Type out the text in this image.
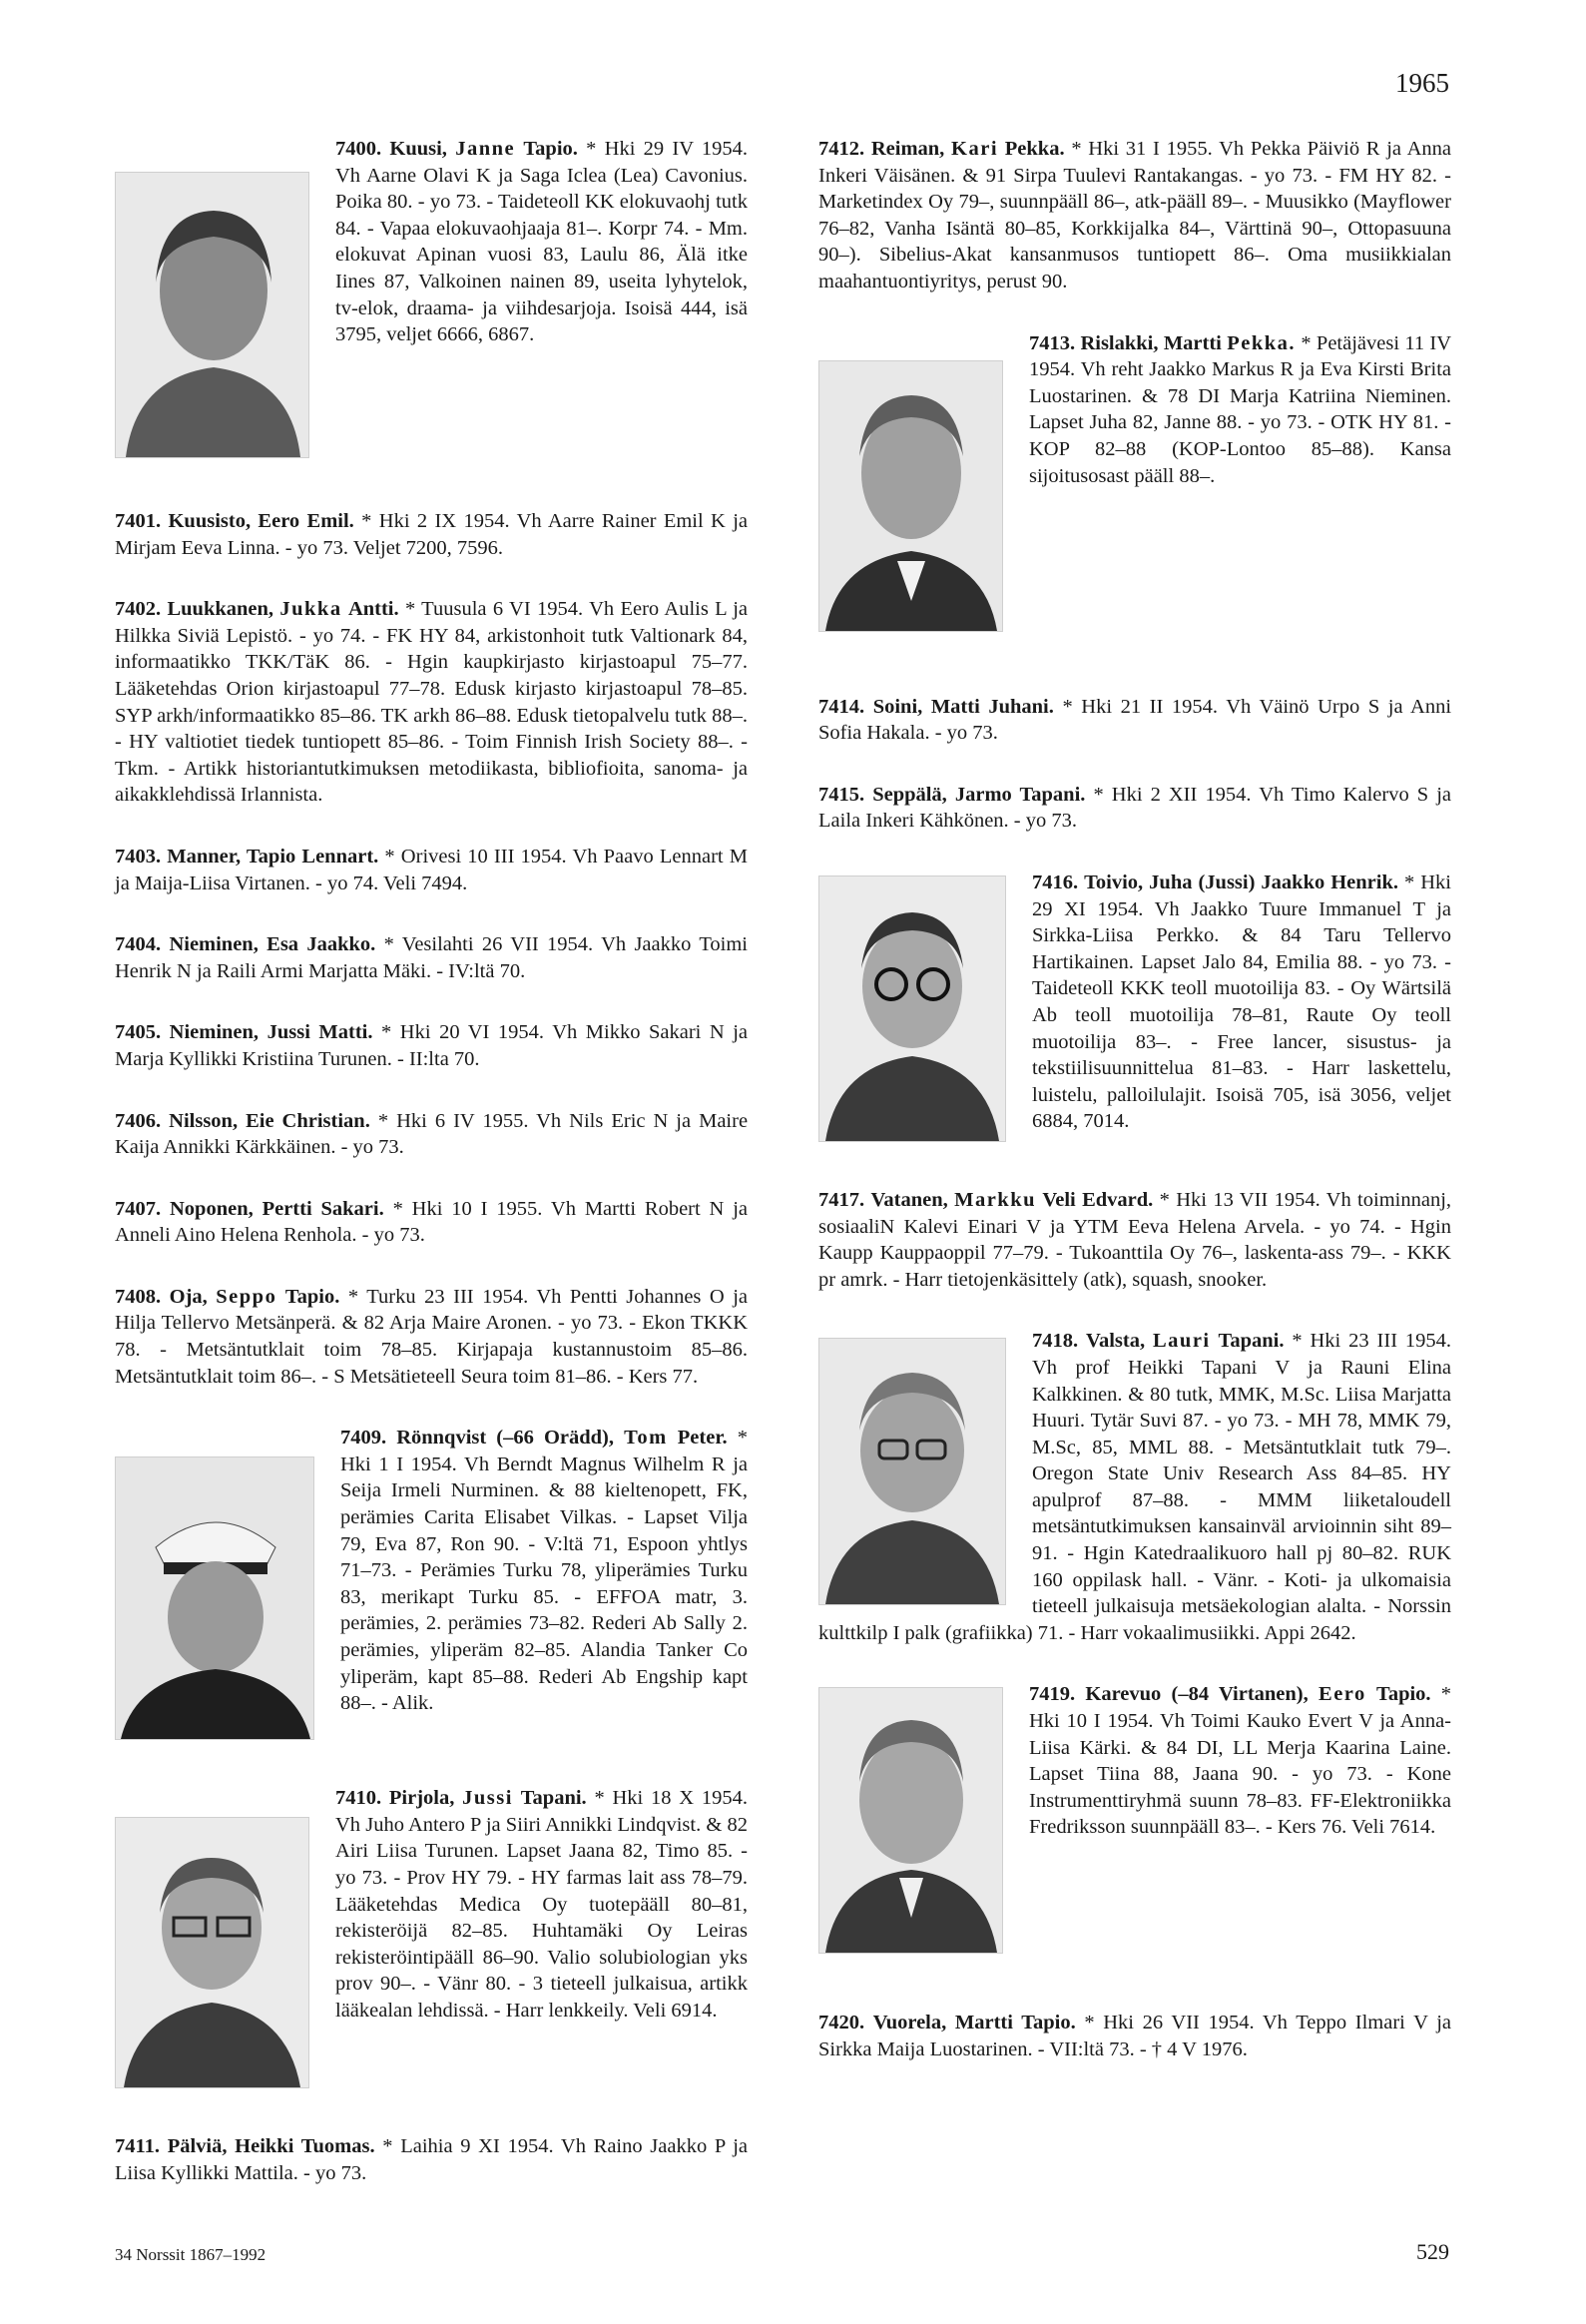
1965
7400. Kuusi, Janne Tapio. * Hki 29 IV 1954. Vh Aarne Olavi K ja Saga Iclea (Lea) Cavonius. Poika 80. - yo 73. - Taideteoll KK elokuvaohj tutk 84. - Vapaa elokuvaohjaaja 81–. Korpr 74. - Mm. elokuvat Apinan vuosi 83, Laulu 86, Älä itke Iines 87, Valkoinen nainen 89, useita lyhytelok, tv-elok, draama- ja viihdesarjoja. Isoisä 444, isä 3795, veljet 6666, 6867.
7401. Kuusisto, Eero Emil. * Hki 2 IX 1954. Vh Aarre Rainer Emil K ja Mirjam Eeva Linna. - yo 73. Veljet 7200, 7596.
7402. Luukkanen, Jukka Antti. * Tuusula 6 VI 1954. Vh Eero Aulis L ja Hilkka Siviä Lepistö. - yo 74. - FK HY 84, arkistonhoit tutk Valtionark 84, informaatikko TKK/TäK 86. - Hgin kaupkirjasto kirjastoapul 75–77. Lääketehdas Orion kirjastoapul 77–78. Edusk kirjasto kirjastoapul 78–85. SYP arkh/informaatikko 85–86. TK arkh 86–88. Edusk tietopalvelu tutk 88–. - HY valtiotiet tiedek tuntiopett 85–86. - Toim Finnish Irish Society 88–. - Tkm. - Artikk historiantutkimuksen metodiikasta, bibliofioita, sanoma- ja aikakklehdissä Irlannista.
7403. Manner, Tapio Lennart. * Orivesi 10 III 1954. Vh Paavo Lennart M ja Maija-Liisa Virtanen. - yo 74. Veli 7494.
7404. Nieminen, Esa Jaakko. * Vesilahti 26 VII 1954. Vh Jaakko Toimi Henrik N ja Raili Armi Marjatta Mäki. - IV:ltä 70.
7405. Nieminen, Jussi Matti. * Hki 20 VI 1954. Vh Mikko Sakari N ja Marja Kyllikki Kristiina Turunen. - II:lta 70.
7406. Nilsson, Eie Christian. * Hki 6 IV 1955. Vh Nils Eric N ja Maire Kaija Annikki Kärkkäinen. - yo 73.
7407. Noponen, Pertti Sakari. * Hki 10 I 1955. Vh Martti Robert N ja Anneli Aino Helena Renhola. - yo 73.
7408. Oja, Seppo Tapio. * Turku 23 III 1954. Vh Pentti Johannes O ja Hilja Tellervo Metsänperä. & 82 Arja Maire Aronen. - yo 73. - Ekon TKKK 78. - Metsäntutklait toim 78–85. Kirjapaja kustannustoim 85–86. Metsäntutklait toim 86–. - S Metsätieteell Seura toim 81–86. - Kers 77.
7409. Rönnqvist (–66 Orädd), Tom Peter. * Hki 1 I 1954. Vh Berndt Magnus Wilhelm R ja Seija Irmeli Nurminen. & 88 kieltenopett, FK, perämies Carita Elisabet Vilkas. - Lapset Vilja 79, Eva 87, Ron 90. - V:ltä 71, Espoon yhtlys 71–73. - Perämies Turku 78, yliperämies Turku 83, merikapt Turku 85. - EFFOA matr, 3. perämies, 2. perämies 73–82. Rederi Ab Sally 2. perämies, yliperäm 82–85. Alandia Tanker Co yliperäm, kapt 85–88. Rederi Ab Engship kapt 88–. - Alik.
7410. Pirjola, Jussi Tapani. * Hki 18 X 1954. Vh Juho Antero P ja Siiri Annikki Lindqvist. & 82 Airi Liisa Turunen. Lapset Jaana 82, Timo 85. - yo 73. - Prov HY 79. - HY farmas lait ass 78–79. Lääketehdas Medica Oy tuotepääll 80–81, rekisteröijä 82–85. Huhtamäki Oy Leiras rekisteröintipääll 86–90. Valio solubiologian yks prov 90–. - Vänr 80. - 3 tieteell julkaisua, artikk lääkealan lehdissä. - Harr lenkkeily. Veli 6914.
7411. Pälviä, Heikki Tuomas. * Laihia 9 XI 1954. Vh Raino Jaakko P ja Liisa Kyllikki Mattila. - yo 73.
7412. Reiman, Kari Pekka. * Hki 31 I 1955. Vh Pekka Päiviö R ja Anna Inkeri Väisänen. & 91 Sirpa Tuulevi Rantakangas. - yo 73. - FM HY 82. - Marketindex Oy 79–, suunnpääll 86–, atk-pääll 89–. - Muusikko (Mayflower 76–82, Vanha Isäntä 80–85, Korkkijalka 84–, Värttinä 90–, Ottopasuuna 90–). Sibelius-Akat kansanmusos tuntiopett 86–. Oma musiikkialan maahantuontiyritys, perust 90.
7413. Rislakki, Martti Pekka. * Petäjävesi 11 IV 1954. Vh reht Jaakko Markus R ja Eva Kirsti Brita Luostarinen. & 78 DI Marja Katriina Nieminen. Lapset Juha 82, Janne 88. - yo 73. - OTK HY 81. - KOP 82–88 (KOP-Lontoo 85–88). Kansa sijoitusosast pääll 88–.
7414. Soini, Matti Juhani. * Hki 21 II 1954. Vh Väinö Urpo S ja Anni Sofia Hakala. - yo 73.
7415. Seppälä, Jarmo Tapani. * Hki 2 XII 1954. Vh Timo Kalervo S ja Laila Inkeri Kähkönen. - yo 73.
7416. Toivio, Juha (Jussi) Jaakko Henrik. * Hki 29 XI 1954. Vh Jaakko Tuure Immanuel T ja Sirkka-Liisa Perkko. & 84 Taru Tellervo Hartikainen. Lapset Jalo 84, Emilia 88. - yo 73. - Taideteoll KKK teoll muotoilija 83. - Oy Wärtsilä Ab teoll muotoilija 78–81, Raute Oy teoll muotoilija 83–. - Free lancer, sisustus- ja tekstiilisuunnittelua 81–83. - Harr laskettelu, luistelu, palloilulajit. Isoisä 705, isä 3056, veljet 6884, 7014.
7417. Vatanen, Markku Veli Edvard. * Hki 13 VII 1954. Vh toiminnanj, sosiaaliN Kalevi Einari V ja YTM Eeva Helena Arvela. - yo 74. - Hgin Kaupp Kauppaoppil 77–79. - Tukoanttila Oy 76–, laskenta-ass 79–. - KKK pr amrk. - Harr tietojenkäsittely (atk), squash, snooker.
7418. Valsta, Lauri Tapani. * Hki 23 III 1954. Vh prof Heikki Tapani V ja Rauni Elina Kalkkinen. & 80 tutk, MMK, M.Sc. Liisa Marjatta Huuri. Tytär Suvi 87. - yo 73. - MH 78, MMK 79, M.Sc, 85, MML 88. - Metsäntutklait tutk 79–. Oregon State Univ Research Ass 84–85. HY apulprof 87–88. - MMM liiketaloudell metsäntutkimuksen kansainväl arvioinnin siht 89–91. - Hgin Katedraalikuoro hall pj 80–82. RUK 160 oppilask hall. - Vänr. - Koti- ja ulkomaisia tieteell julkaisuja metsäekologian alalta. - Norssin kulttkilp I palk (grafiikka) 71. - Harr vokaalimusiikki. Appi 2642.
7419. Karevuo (–84 Virtanen), Eero Tapio. * Hki 10 I 1954. Vh Toimi Kauko Evert V ja Anna-Liisa Kärki. & 84 DI, LL Merja Kaarina Laine. Lapset Tiina 88, Jaana 90. - yo 73. - Kone Instrumenttiryhmä suunn 78–83. FF-Elektroniikka Fredriksson suunnpääll 83–. - Kers 76. Veli 7614.
7420. Vuorela, Martti Tapio. * Hki 26 VII 1954. Vh Teppo Ilmari V ja Sirkka Maija Luostarinen. - VII:ltä 73. - † 4 V 1976.
34 Norssit 1867–1992	529
